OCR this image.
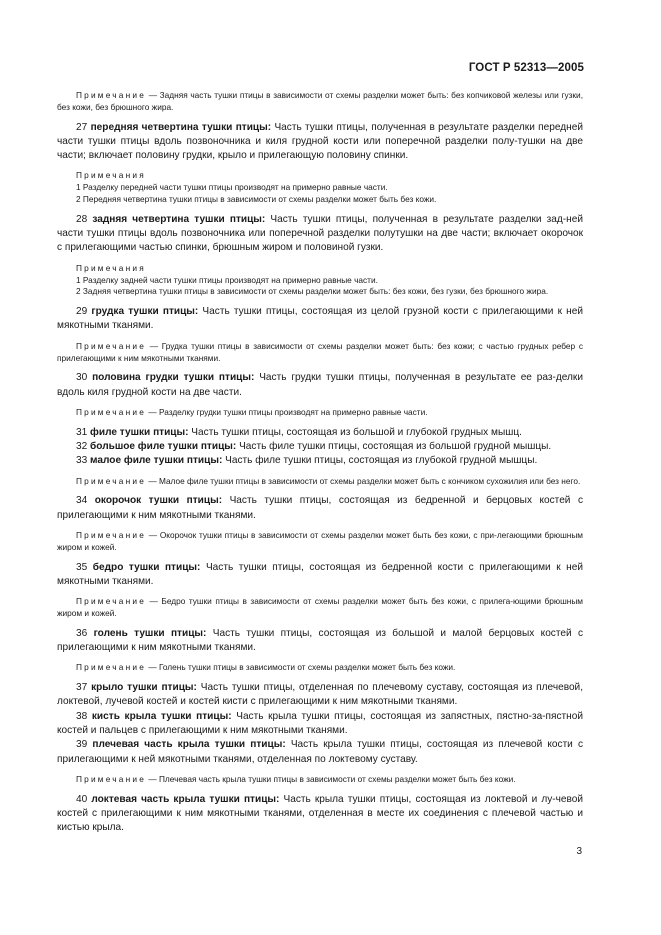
ГОСТ Р 52313—2005

Примечание — Задняя часть тушки птицы в зависимости от схемы разделки может быть: без копчиковой железы или гузки, без кожи, без брюшного жира.

27 передняя четвертина тушки птицы: Часть тушки птицы, полученная в результате разделки передней части тушки птицы вдоль позвоночника и киля грудной кости или поперечной разделки полу-тушки на две части; включает половину грудки, крыло и прилегающую половину спинки.

Примечания

1 Разделку передней части тушки птицы производят на примерно равные части.

2 Передняя четвертина тушки птицы в зависимости от схемы разделки может быть без кожи.

28 задняя четвертина тушки птицы: Часть тушки птицы, полученная в результате разделки зад-ней части тушки птицы вдоль позвоночника или поперечной разделки полутушки на две части; включает окорочок с прилегающими частью спинки, брюшным жиром и половиной гузки.

Примечания

1 Разделку задней части тушки птицы производят на примерно равные части.

2 Задняя четвертина тушки птицы в зависимости от схемы разделки может быть: без кожи, без гузки, без брюшного жира.

29 грудка тушки птицы: Часть тушки птицы, состоящая из целой грузной кости с прилегающими к ней мякотными тканями.

Примечание — Грудка тушки птицы в зависимости от схемы разделки может быть: без кожи; с частью грудных ребер с прилегающими к ним мякотными тканями.

30 половина грудки тушки птицы: Часть грудки тушки птицы, полученная в результате ее раз-делки вдоль киля грудной кости на две части.

Примечание — Разделку грудки тушки птицы производят на примерно равные части.

31 филе тушки птицы: Часть тушки птицы, состоящая из большой и глубокой грудных мышц.

32 большое филе тушки птицы: Часть филе тушки птицы, состоящая из большой грудной мышцы.

33 малое филе тушки птицы: Часть филе тушки птицы, состоящая из глубокой грудной мышцы.

Примечание — Малое филе тушки птицы в зависимости от схемы разделки может быть с кончиком сухожилия или без него.

34 окорочок тушки птицы: Часть тушки птицы, состоящая из бедренной и берцовых костей с прилегающими к ним мякотными тканями.

Примечание — Окорочок тушки птицы в зависимости от схемы разделки может быть без кожи, с при-легающими брюшным жиром и кожей.

35 бедро тушки птицы: Часть тушки птицы, состоящая из бедренной кости с прилегающими к ней мякотными тканями.

Примечание — Бедро тушки птицы в зависимости от схемы разделки может быть без кожи, с прилега-ющими брюшным жиром и кожей.

36 голень тушки птицы: Часть тушки птицы, состоящая из большой и малой берцовых костей с прилегающими к ним мякотными тканями.

Примечание — Голень тушки птицы в зависимости от схемы разделки может быть без кожи.

37 крыло тушки птицы: Часть тушки птицы, отделенная по плечевому суставу, состоящая из плечевой, локтевой, лучевой костей и костей кисти с прилегающими к ним мякотными тканями.

38 кисть крыла тушки птицы: Часть крыла тушки птицы, состоящая из запястных, пястно-за-пястной костей и пальцев с прилегающими к ним мякотными тканями.

39 плечевая часть крыла тушки птицы: Часть крыла тушки птицы, состоящая из плечевой кости с прилегающими к ней мякотными тканями, отделенная по локтевому суставу.

Примечание — Плечевая часть крыла тушки птицы в зависимости от схемы разделки может быть без кожи.

40 локтевая часть крыла тушки птицы: Часть крыла тушки птицы, состоящая из локтевой и лу-чевой костей с прилегающими к ним мякотными тканями, отделенная в месте их соединения с плечевой частью и кистью крыла.

3
